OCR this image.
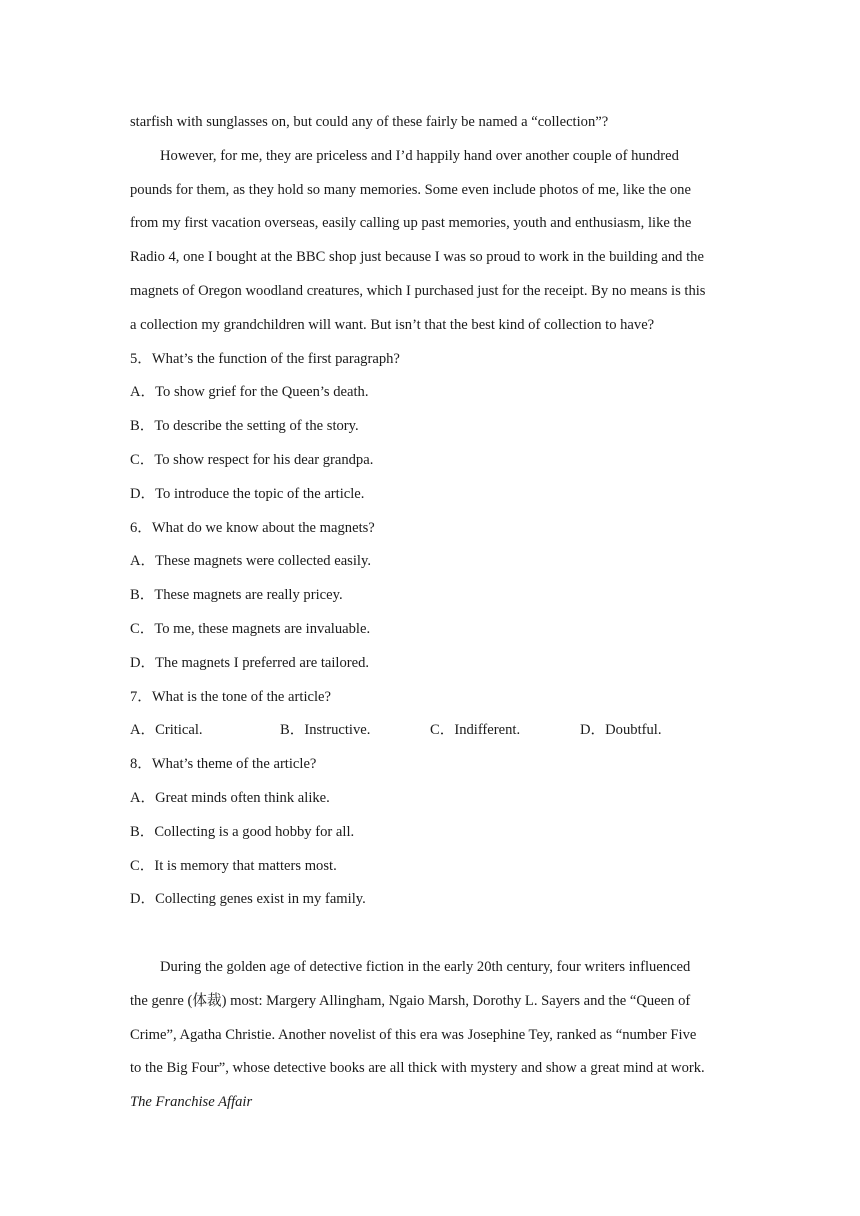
starfish with sunglasses on, but could any of these fairly be named a “collection”?
However, for me, they are priceless and I’d happily hand over another couple of hundred
pounds for them, as they hold so many memories. Some even include photos of me, like the one
from my first vacation overseas, easily calling up past memories, youth and enthusiasm, like the
Radio 4, one I bought at the BBC shop just because I was so proud to work in the building and the
magnets of Oregon woodland creatures, which I purchased just for the receipt. By no means is this
a collection my grandchildren will want. But isn’t that the best kind of collection to have?
5．What’s the function of the first paragraph?
A．To show grief for the Queen’s death.
B．To describe the setting of the story.
C．To show respect for his dear grandpa.
D．To introduce the topic of the article.
6．What do we know about the magnets?
A．These magnets were collected easily.
B．These magnets are really pricey.
C．To me, these magnets are invaluable.
D．The magnets I preferred are tailored.
7．What is the tone of the article?
A．Critical.	B．Instructive.	C．Indifferent.	D．Doubtful.
8．What’s theme of the article?
A．Great minds often think alike.
B．Collecting is a good hobby for all.
C．It is memory that matters most.
D．Collecting genes exist in my family.
During the golden age of detective fiction in the early 20th century, four writers influenced
the genre (体裁) most: Margery Allingham, Ngaio Marsh, Dorothy L. Sayers and the “Queen of
Crime”, Agatha Christie. Another novelist of this era was Josephine Tey, ranked as “number Five
to the Big Four”, whose detective books are all thick with mystery and show a great mind at work.
The Franchise Affair
